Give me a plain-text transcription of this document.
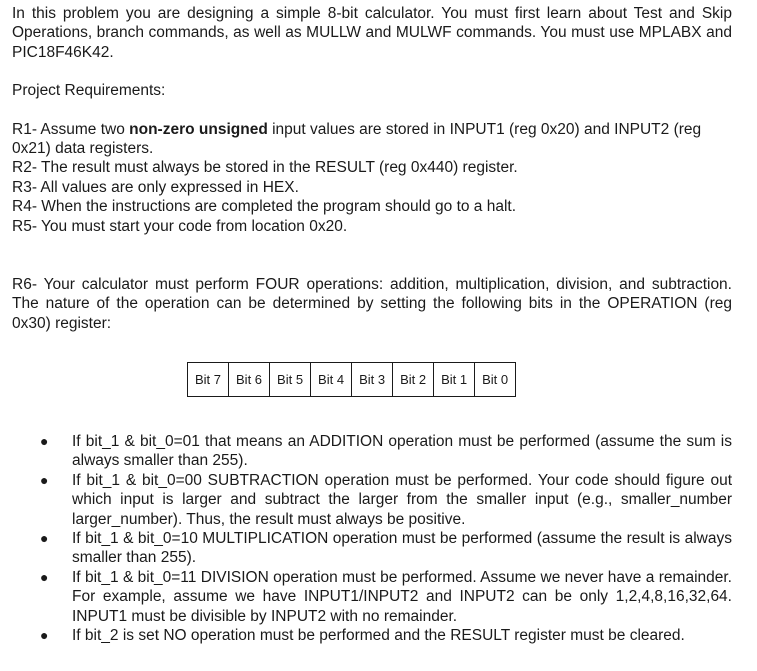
In this problem you are designing a simple 8-bit calculator. You must first learn about Test and Skip Operations, branch commands, as well as MULLW and MULWF commands. You must use MPLABX and PIC18F46K42.

Project Requirements:

R1- Assume two non-zero unsigned input values are stored in INPUT1 (reg 0x20) and INPUT2 (reg 0x21) data registers.

R2- The result must always be stored in the RESULT (reg 0x440) register.

R3- All values are only expressed in HEX.

R4- When the instructions are completed the program should go to a halt.

R5- You must start your code from location 0x20.

R6- Your calculator must perform FOUR operations: addition, multiplication, division, and subtraction. The nature of the operation can be determined by setting the following bits in the OPERATION (reg 0x30) register:

Bit 7	Bit 6	Bit 5	Bit 4	Bit 3	Bit 2	Bit 1	Bit 0
● If bit_1 & bit_0=01 that means an ADDITION operation must be performed (assume the sum is always smaller than 255).
● If bit_1 & bit_0=00 SUBTRACTION operation must be performed. Your code should figure out which input is larger and subtract the larger from the smaller input (e.g., smaller_number larger_number). Thus, the result must always be positive.
● If bit_1 & bit_0=10 MULTIPLICATION operation must be performed (assume the result is always smaller than 255).
● If bit_1 & bit_0=11 DIVISION operation must be performed. Assume we never have a remainder. For example, assume we have INPUT1/INPUT2 and INPUT2 can be only 1,2,4,8,16,32,64. INPUT1 must be divisible by INPUT2 with no remainder.
● If bit_2 is set NO operation must be performed and the RESULT register must be cleared.
